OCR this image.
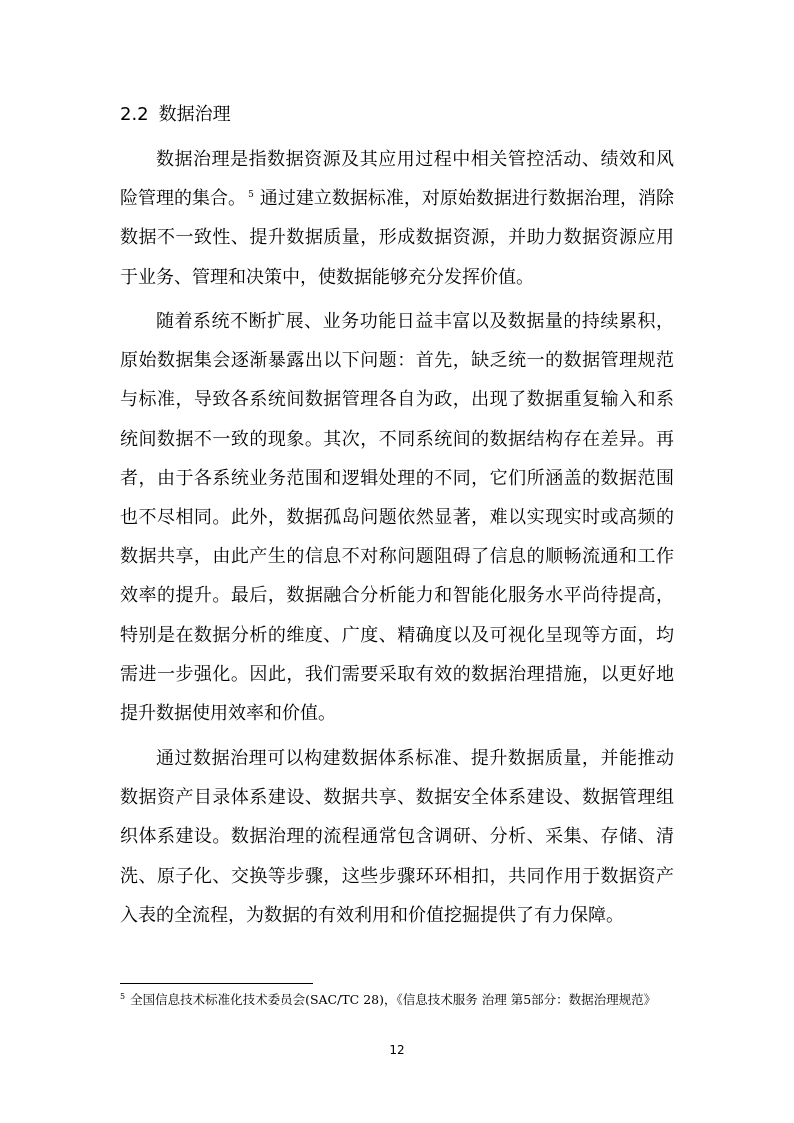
2.2 数据治理

数据治理是指数据资源及其应用过程中相关管控活动、绩效和风险管理的集合。 $^5$ 通过建立数据标准，对原始数据进行数据治理，消除数据不一致性、提升数据质量，形成数据资源，并助力数据资源应用于业务、管理和决策中，使数据能够充分发挥价值。

随着系统不断扩展、业务功能日益丰富以及数据量的持续累积，原始数据集会逐渐暴露出以下问题：首先，缺乏统一的数据管理规范与标准，导致各系统间数据管理各自为政，出现了数据重复输入和系统间数据不一致的现象。其次，不同系统间的数据结构存在差异。再者，由于各系统业务范围和逻辑处理的不同，它们所涵盖的数据范围也不尽相同。此外，数据孤岛问题依然显著，难以实现实时或高频的数据共享，由此产生的信息不对称问题阻碍了信息的顺畅流通和工作效率的提升。最后，数据融合分析能力和智能化服务水平尚待提高，特别是在数据分析的维度、广度、精确度以及可视化呈现等方面，均需进一步强化。因此，我们需要采取有效的数据治理措施，以更好地提升数据使用效率和价值。

通过数据治理可以构建数据体系标准、提升数据质量，并能推动数据资产目录体系建设、数据共享、数据安全体系建设、数据管理组织体系建设。数据治理的流程通常包含调研、分析、采集、存储、清洗、原子化、交换等步骤，这些步骤环环相扣，共同作用于数据资产入表的全流程，为数据的有效利用和价值挖掘提供了有力保障。

$^5$ 全国信息技术标准化技术委员会(SAC/TC 28)，《信息技术服务 治理 第5部分：数据治理规范》

12
